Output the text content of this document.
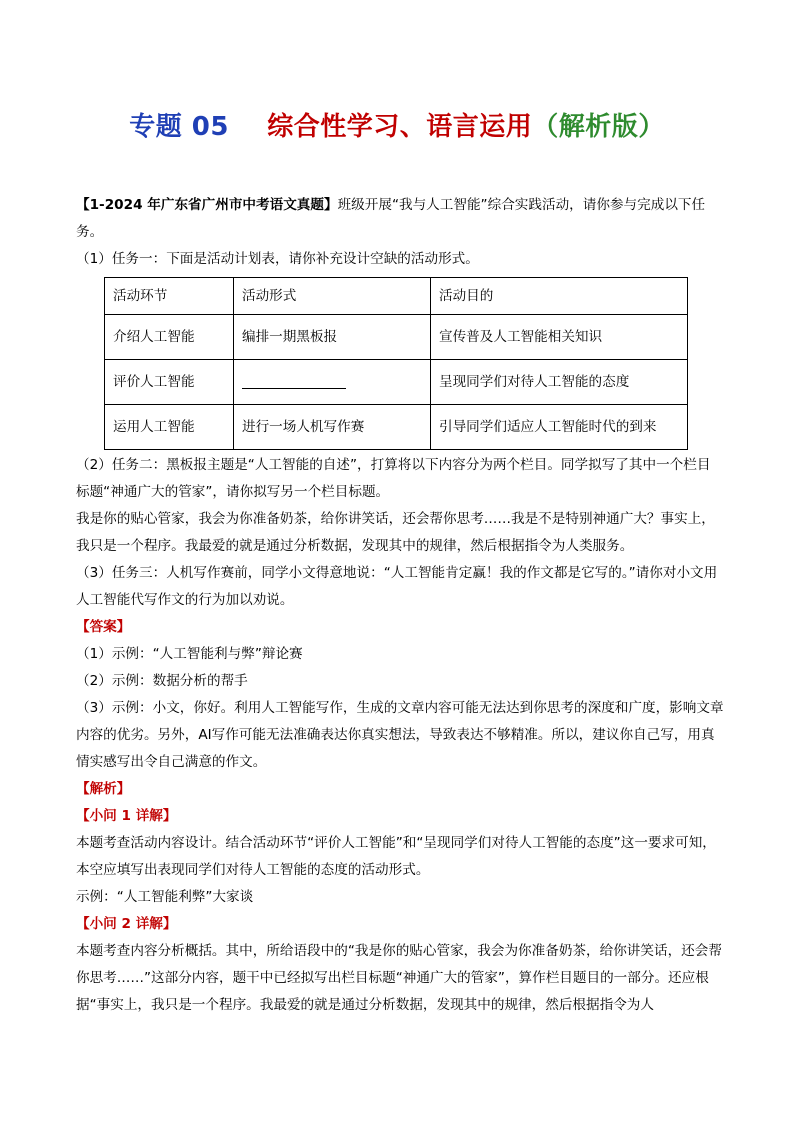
专题 05 综合性学习、语言运用（解析版）

【1-2024 年广东省广州市中考语文真题】班级开展“我与人工智能”综合实践活动，请你参与完成以下任务。

（1）任务一：下面是活动计划表，请你补充设计空缺的活动形式。

活动环节	活动形式	活动目的
介绍人工智能	编排一期黑板报	宣传普及人工智能相关知识
评价人工智能		呈现同学们对待人工智能的态度
运用人工智能	进行一场人机写作赛	引导同学们适应人工智能时代的到来

（2）任务二：黑板报主题是“人工智能的自述”，打算将以下内容分为两个栏目。同学拟写了其中一个栏目标题“神通广大的管家”，请你拟写另一个栏目标题。

我是你的贴心管家，我会为你准备奶茶，给你讲笑话，还会帮你思考……我是不是特别神通广大？事实上，我只是一个程序。我最爱的就是通过分析数据，发现其中的规律，然后根据指令为人类服务。

（3）任务三：人机写作赛前，同学小文得意地说：“人工智能肯定赢！我的作文都是它写的。”请你对小文用人工智能代写作文的行为加以劝说。

【答案】

（1）示例：“人工智能利与弊”辩论赛

（2）示例：数据分析的帮手

（3）示例：小文，你好。利用人工智能写作，生成的文章内容可能无法达到你思考的深度和广度，影响文章内容的优劣。另外，AI写作可能无法准确表达你真实想法，导致表达不够精准。所以，建议你自己写，用真情实感写出令自己满意的作文。

【解析】

【小问 1 详解】

本题考查活动内容设计。结合活动环节“评价人工智能”和“呈现同学们对待人工智能的态度”这一要求可知，本空应填写出表现同学们对待人工智能的态度的活动形式。

示例：“人工智能利弊”大家谈

【小问 2 详解】

本题考查内容分析概括。其中，所给语段中的“我是你的贴心管家，我会为你准备奶茶，给你讲笑话，还会帮你思考……”这部分内容，题干中已经拟写出栏目标题“神通广大的管家”，算作栏目题目的一部分。还应根据“事实上，我只是一个程序。我最爱的就是通过分析数据，发现其中的规律，然后根据指令为人
